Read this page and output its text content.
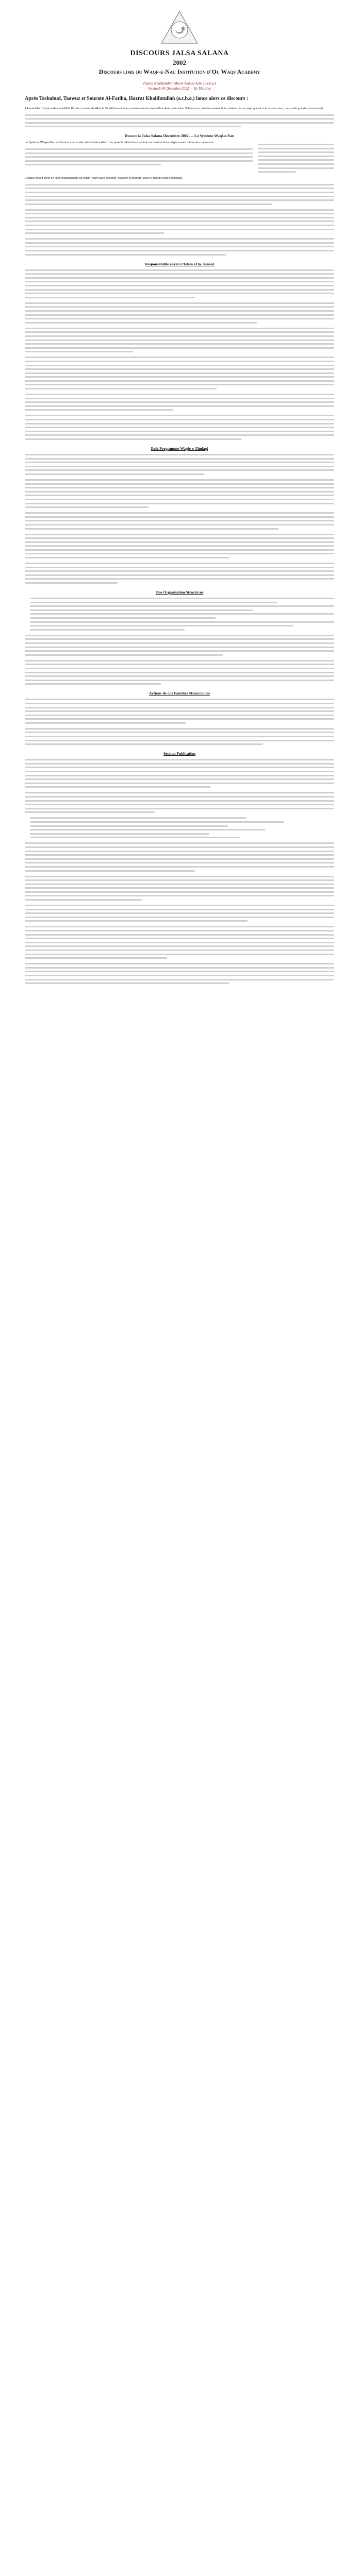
DISCOURS JALSA SALANA
2002
Discours lors du Waqf-e-Nau Institution d'Ou Waqf Academy
Hazrat Khalifatullah Munir Ahmad Azim (a.t.b.a.)
Vendredi 04 Décembre 2002 — Ile Maurice
Après Tashahud, Taawuz et Sourate Al-Fatiha, Hazrat Khalifatullah (a.t.b.a.) lance alors ce discours :

Alhamdulillah, Summa Alhamdulillah. Par les conseils de Allah le Tout-Puissant, nous sommes réunis aujourd'hui dans cette Jalsa Salana pour célébrer ensemble la création de ce projet qui est cher à mon cœur, pour cette grande communauté.

Durant la Jalsa Salana Décembre 2002 — Le Système Waqf-e-Nau

Le Système Waqf-e-Nau est basé sur la consécration totale à Allah. Les parents offrent leurs enfants au service de la religion avant même leur naissance.

Chaque enfant porte en lui la responsabilité de servir l'Islam avec sincérité, dévotion et humilité, pour le bien de toute l'humanité.

Responsabilité envers l'Islam et la Jamaat
Role Programme Waqfe-e-Zindagi
Une Organisation Structurée
Actions de nos Familles Musulmanes
Section Publication
